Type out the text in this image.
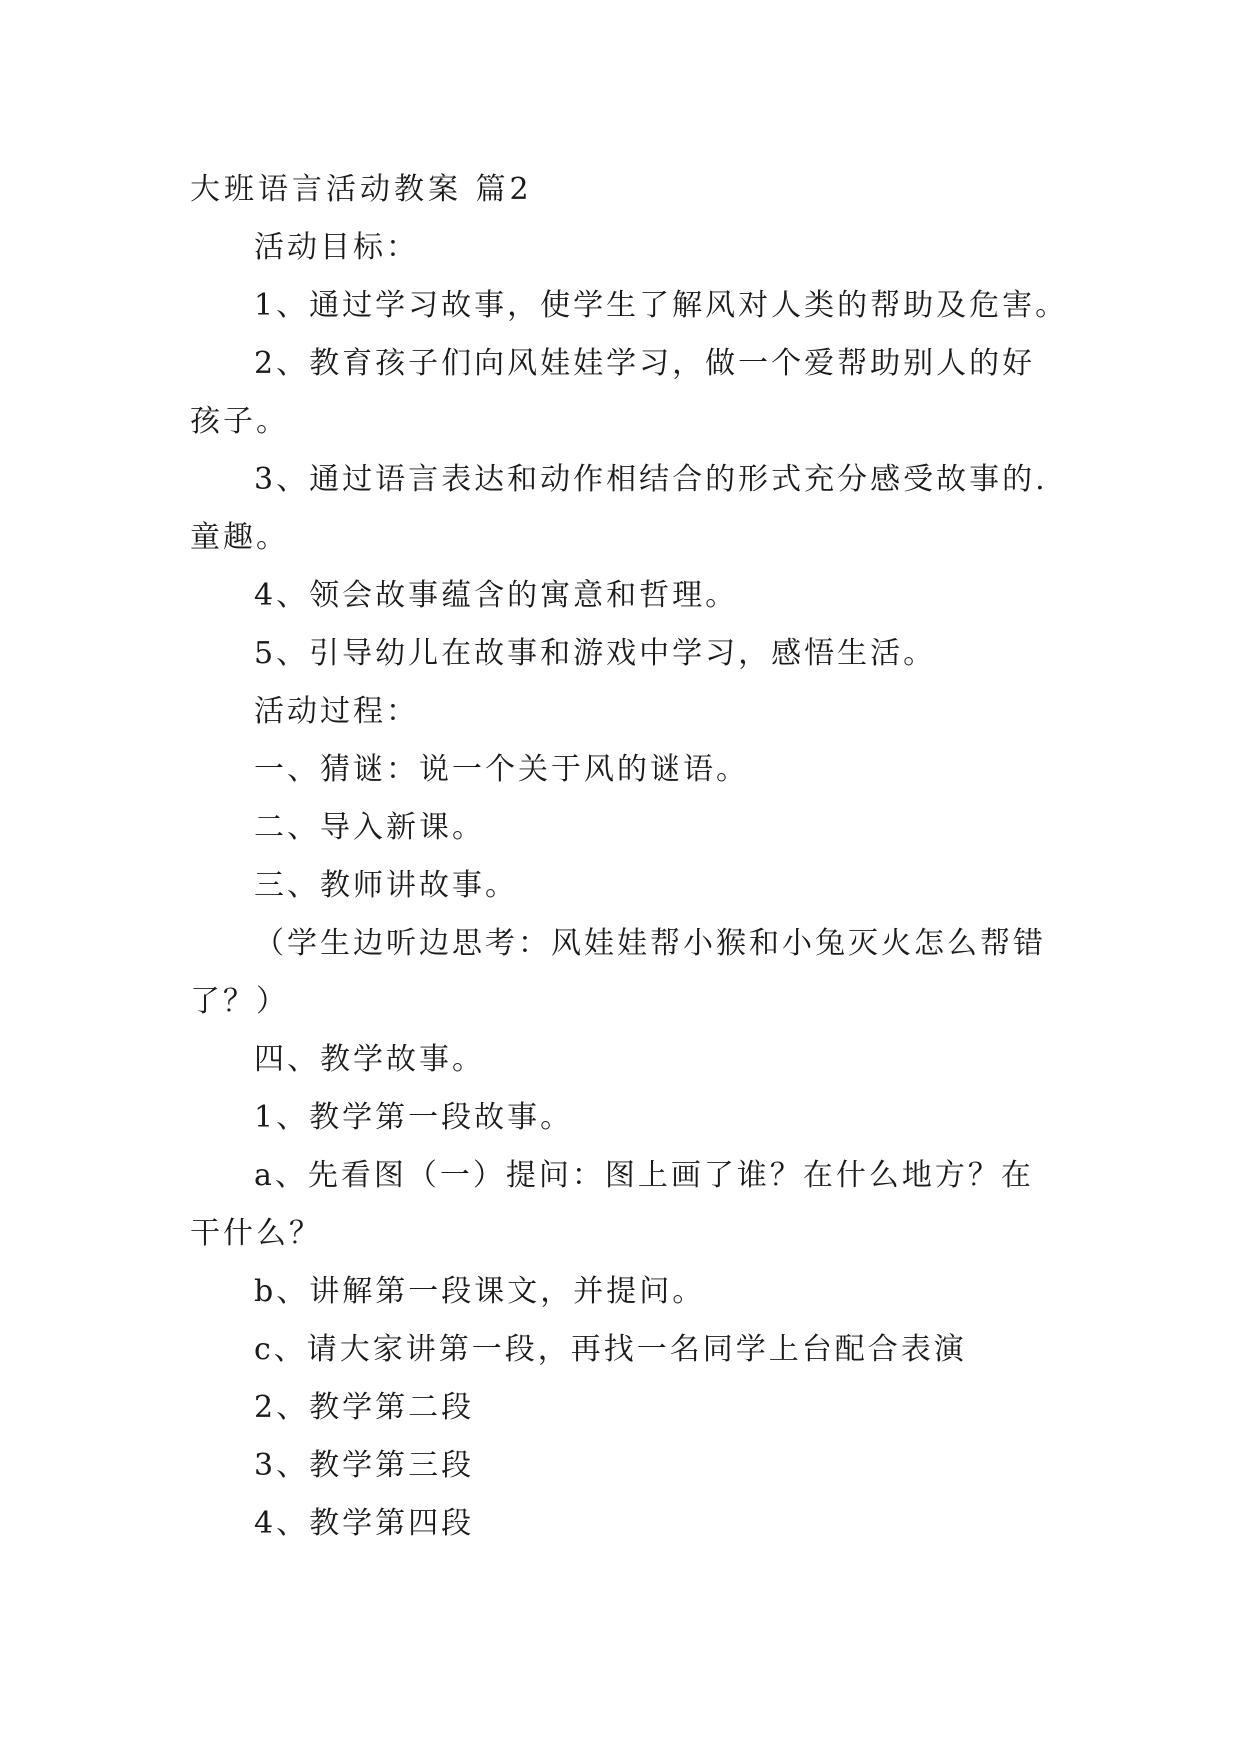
大班语言活动教案 篇2
活动目标：
1、通过学习故事，使学生了解风对人类的帮助及危害。
2、教育孩子们向风娃娃学习，做一个爱帮助别人的好
孩子。
3、通过语言表达和动作相结合的形式充分感受故事的.
童趣。
4、领会故事蕴含的寓意和哲理。
5、引导幼儿在故事和游戏中学习，感悟生活。
活动过程：
一、猜谜：说一个关于风的谜语。
二、导入新课。
三、教师讲故事。
（学生边听边思考：风娃娃帮小猴和小兔灭火怎么帮错
了？）
四、教学故事。
1、教学第一段故事。
a、先看图（一）提问：图上画了谁？在什么地方？在
干什么？
b、讲解第一段课文，并提问。
c、请大家讲第一段，再找一名同学上台配合表演
2、教学第二段
3、教学第三段
4、教学第四段
